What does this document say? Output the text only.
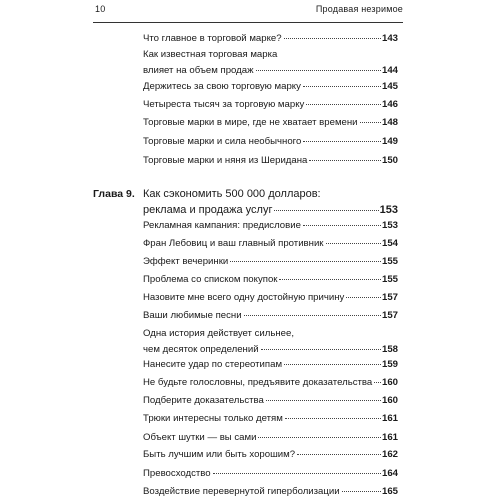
10	Продавая незримое
Глава 9.
Что главное в торговой марке?	143
Как известная торговая марка
влияет на объем продаж	144
Держитесь за свою торговую марку	145
Четыреста тысяч за торговую марку	146
Торговые марки в мире, где не хватает времени	148
Торговые марки и сила необычного	149
Торговые марки и няня из Шеридана	150
Как сэкономить 500 000 долларов:
реклама и продажа услуг	153
Рекламная кампания: предисловие	153
Фран Лебовиц и ваш главный противник	154
Эффект вечеринки	155
Проблема со списком покупок	155
Назовите мне всего одну достойную причину	157
Ваши любимые песни	157
Одна история действует сильнее,
чем десяток определений	158
Нанесите удар по стереотипам	159
Не будьте голословны, предъявите доказательства 160
Подберите доказательства	160
Трюки интересны только детям	161
Объект шутки — вы сами	161
Быть лучшим или быть хорошим?	162
Превосходство	164
Воздействие перевернутой гиперболизации	165
